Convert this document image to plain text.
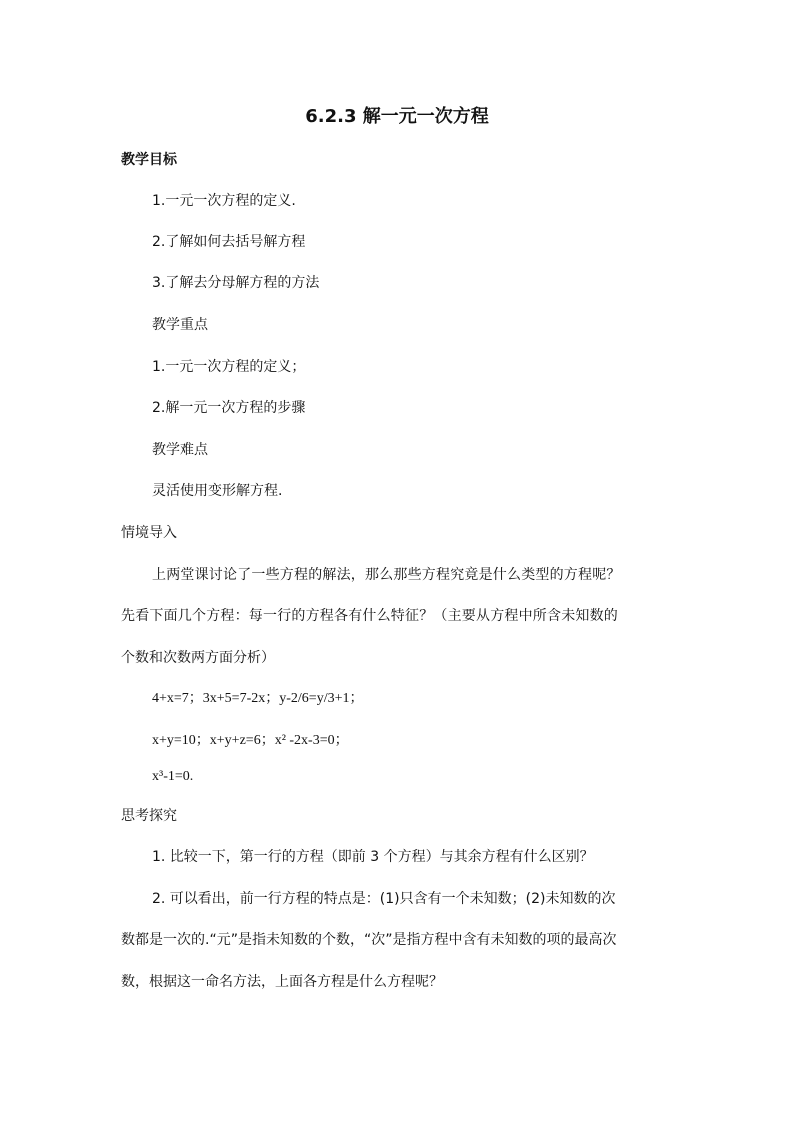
6.2.3 解一元一次方程
教学目标
1.一元一次方程的定义.
2.了解如何去括号解方程
3.了解去分母解方程的方法
教学重点
1.一元一次方程的定义；
2.解一元一次方程的步骤
教学难点
灵活使用变形解方程.
情境导入
上两堂课讨论了一些方程的解法，那么那些方程究竟是什么类型的方程呢？
先看下面几个方程：每一行的方程各有什么特征？（主要从方程中所含未知数的
个数和次数两方面分析）
4+x=7；3x+5=7-2x；y-2/6=y/3+1；
x+y=10；x+y+z=6；x² -2x-3=0；
x³-1=0.
思考探究
1. 比较一下，第一行的方程（即前 3 个方程）与其余方程有什么区别？
2. 可以看出，前一行方程的特点是：(1)只含有一个未知数；(2)未知数的次
数都是一次的.“元”是指未知数的个数，“次”是指方程中含有未知数的项的最高次
数，根据这一命名方法，上面各方程是什么方程呢？
